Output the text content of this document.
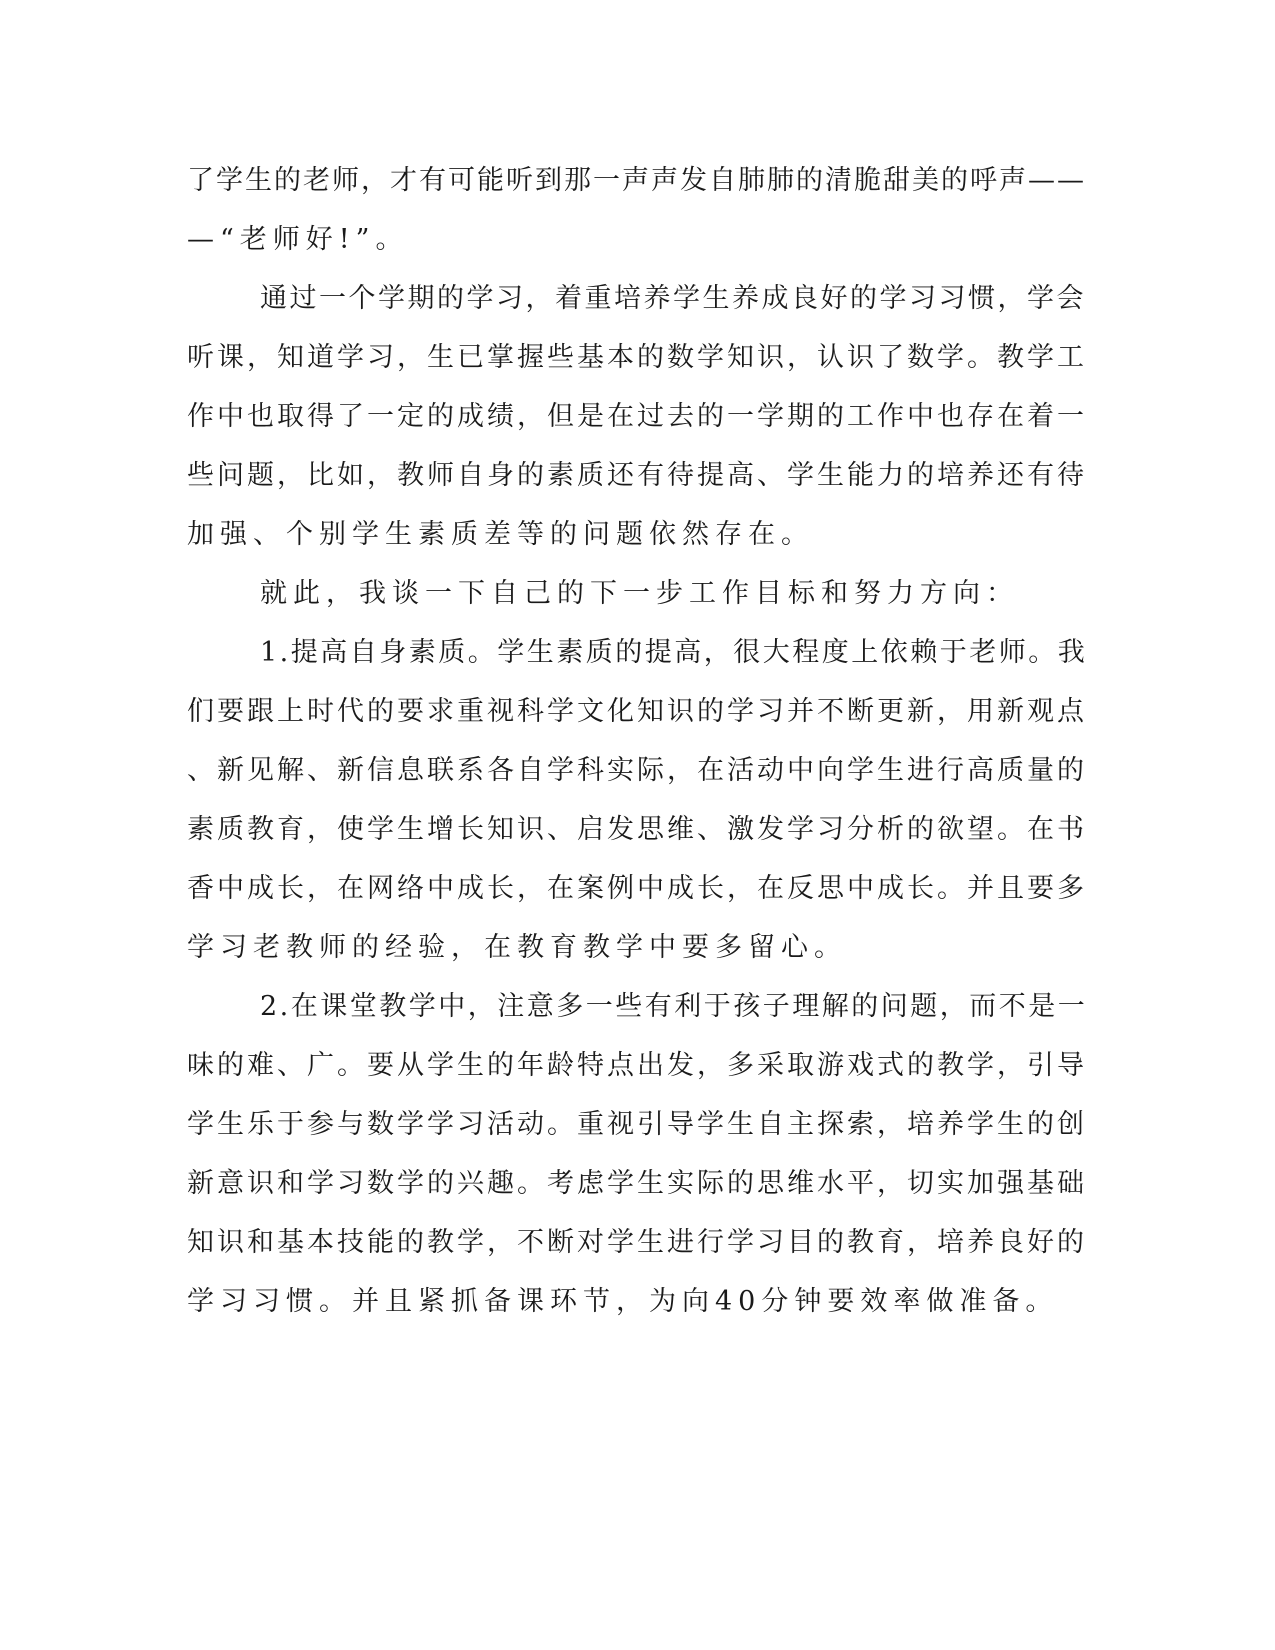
了学生的老师，才有可能听到那一声声发自肺肺的清脆甜美的呼声——
—“老师好!”。
通过一个学期的学习，着重培养学生养成良好的学习习惯，学会
听课，知道学习，生已掌握些基本的数学知识，认识了数学。教学工
作中也取得了一定的成绩，但是在过去的一学期的工作中也存在着一
些问题，比如，教师自身的素质还有待提高、学生能力的培养还有待
加强、个别学生素质差等的问题依然存在。
就此，我谈一下自己的下一步工作目标和努力方向：
1.提高自身素质。学生素质的提高，很大程度上依赖于老师。我
们要跟上时代的要求重视科学文化知识的学习并不断更新，用新观点
、新见解、新信息联系各自学科实际，在活动中向学生进行高质量的
素质教育，使学生增长知识、启发思维、激发学习分析的欲望。在书
香中成长，在网络中成长，在案例中成长，在反思中成长。并且要多
学习老教师的经验，在教育教学中要多留心。
2.在课堂教学中，注意多一些有利于孩子理解的问题，而不是一
味的难、广。要从学生的年龄特点出发，多采取游戏式的教学，引导
学生乐于参与数学学习活动。重视引导学生自主探索，培养学生的创
新意识和学习数学的兴趣。考虑学生实际的思维水平，切实加强基础
知识和基本技能的教学，不断对学生进行学习目的教育，培养良好的
学习习惯。并且紧抓备课环节，为向40分钟要效率做准备。
